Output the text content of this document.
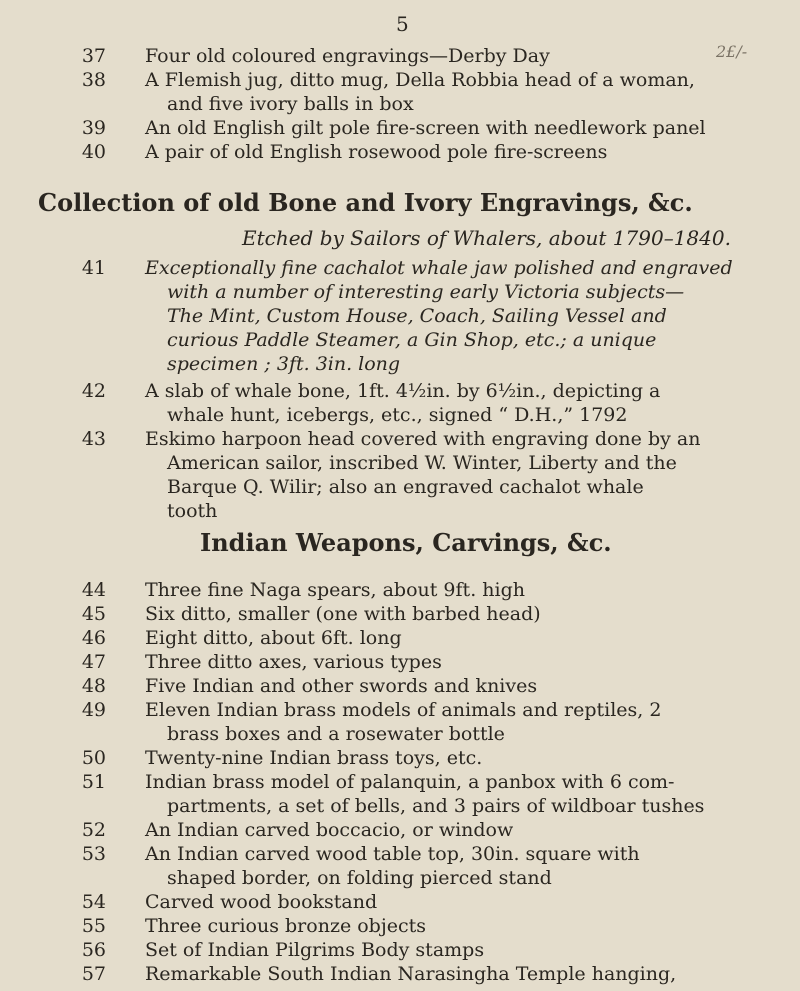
5
37 Four old coloured engravings—Derby Day	2£/-
38 A Flemish jug, ditto mug, Della Robbia head of a woman,
and five ivory balls in box
39 An old English gilt pole fire-screen with needlework panel
40 A pair of old English rosewood pole fire-screens
Collection of old Bone and Ivory Engravings, &c.
Etched by Sailors of Whalers, about 1790–1840.
41 Exceptionally fine cachalot whale jaw polished and engraved
with a number of interesting early Victoria subjects—
The Mint, Custom House, Coach, Sailing Vessel and
curious Paddle Steamer, a Gin Shop, etc.; a unique
specimen ; 3ft. 3in. long
42 A slab of whale bone, 1ft. 4½in. by 6½in., depicting a
whale hunt, icebergs, etc., signed “ D.H.,” 1792
43 Eskimo harpoon head covered with engraving done by an
American sailor, inscribed W. Winter, Liberty and the
Barque Q. Wilir; also an engraved cachalot whale
tooth
Indian Weapons, Carvings, &c.
44 Three fine Naga spears, about 9ft. high
45 Six ditto, smaller (one with barbed head)
46 Eight ditto, about 6ft. long
47 Three ditto axes, various types
48 Five Indian and other swords and knives
49 Eleven Indian brass models of animals and reptiles, 2
brass boxes and a rosewater bottle
50 Twenty-nine Indian brass toys, etc.
51 Indian brass model of palanquin, a panbox with 6 com-
partments, a set of bells, and 3 pairs of wildboar tushes
52 An Indian carved boccacio, or window
53 An Indian carved wood table top, 30in. square with
shaped border, on folding pierced stand
54 Carved wood bookstand
55 Three curious bronze objects
56 Set of Indian Pilgrims Body stamps
57 Remarkable South Indian Narasingha Temple hanging,
